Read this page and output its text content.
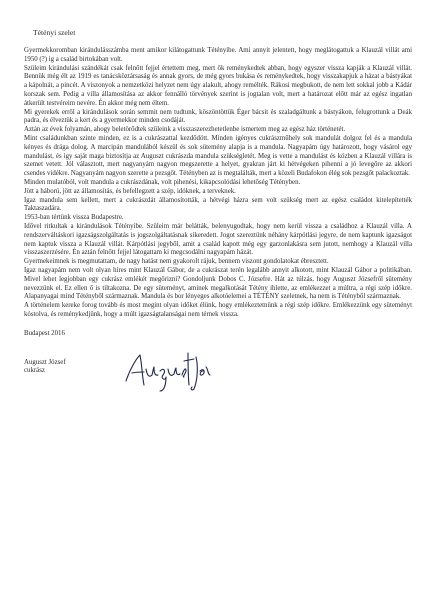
Tétényi szelet

Gyermekkoromban kirándulásszámba ment amikor kilátogattunk Tétényibe. Ami annyit jelentett, hogy meglátogattuk a Klauzál villát ami 1950 (?) ig a család birtokában volt.

Szüleim kirándulási szándékát csak felnőtt fejjel értettem meg, mert ők reménykedtek abban, hogy egyszer vissza kapják a Klauzál villát. Bennük még élt az 1919 es tanácsköztársaság és annak gyors, de még gyors bukása és reménykedtek, hogy visszakapjuk a házat a bástyákat a kápolnát, a pincét. A viszonyok a nemzetközi helyzet nem úgy alakult, ahogy remélték. Rákosi megbukott, de nem lett sokkal jobb a Kádár korszak sem. Pedig a villa államosítása az akkor fennálló törvények szerint is jogtalan volt, mert a határozat előtt már az egész ingatlan átkerült testvéreim nevére. Én akkor még nem éltem.

Mi gyerekek erről a kirándulások során semmit nem tudtunk, köszöntöttük Éger bácsit és szaladgáltunk a bástyákon, felugrottunk a Deák padra, és élveztük a kert és a gyermekkor minden csodáját.

Aztán az évek folyamán, ahogy beletörődtek szüleink a visszaszerezhetetlenbe ismertem meg az egész ház történetét.

Mint családunkban szinte minden, ez is a cukrászattal kezdődött. Minden igényes cukrászműhely sok mandulát dolgoz fel és a mandula kényes és drága dolog. A marcipán mandulából készül és sok sütemény alapja is a mandula. Nagyapám úgy határozott, hogy vásárol egy mandulást, és így saját maga biztosítja az Auguszt cukrászda mandula szükségletét. Meg is vette a mandulást és közben a Klauzál villára is szemet vetett. Jól választott, mert nagyanyám nagyon megszerette a helyet, gyakran járt ki hétvégeken pihenni a jó levegőre az akkori csendes vidékre. Nagyanyám nagyon szerette a pezsgőt. Tétényben az is megtalálták, mert a közeli Budafokon élég sok pezsgőt palackoztak.

Minden mulatóból, volt mandula a cukrászdának, volt pihenési, kikapcsolódási lehetőség Tétényben.

Jött a háború, jött az államosítás, és befellegzett a szép, idóknek, a terveknek.

Igaz mandula sem kellett, mert a cukrászdát államosították, a hétvégi házra sem volt szükség mert az egész családot kitelepítették Taktaszadára.

1953-ban tértünk vissza Budapestre.

Idővel ritkultak a kirándulások Tétényibe. Szüleim már belátták, belenyugodtak, hogy nem kerül vissza a családhoz a Klauzál villa. A rendszerváltáskori igazságszolgáltatás is jogszolgáltatásnak sikeredett. Jogot szereztünk néhány kárpótlási jegyre, de nem kaptunk igazságot nem kaptuk vissza a Klauzál villát. Kárpótlási jegyből, amit a család kapott még egy garzonlakásra sem jutott, nemhogy a Klauzál villa visszaszerzésére. Én aztán felnőtt fejjel látogattam ki megcsodálni nagyapám házát.

Gyermekeimnek is megmutattam, de nagy hatást nem gyakorolt rájuk, bennem viszont gondolatokat ébresztett.

Igaz nagyapám nem volt olyan híres mint Klauzál Gábor, de a cukrászat terén legalább annyit alkotott, mint Klauzál Gábor a politikában. Mivel lehet legjobban egy cukrász emlékét megőrizni? Gondoljunk Dobos C. Józsefre. Hát az túlzás, hogy Auguszt Józsefről sütemény nevezzünk el. Ez ellen ő is tiltakozna. De egy süteményt, aminek megalkotását Tétény ihlette, az emlékezzet a múltra, a régi szép időkre. Alapanyagai mind Tétényből származnak. Mandula és bor lényeges alkotóelemei a TÉTÉNY szeletnek, ha nem is Tétényből származnak.

A történelem kereke forog tovább és most megint olyan időket élünk, hogy emlékeztetnünk a régi szép időkre. Emlékezzünk egy süteményt kóstolva, és reménykedjünk, hogy a múlt igazságtalanságai nem térnek vissza.

Budapest 2016
Auguszt József
cukrász
